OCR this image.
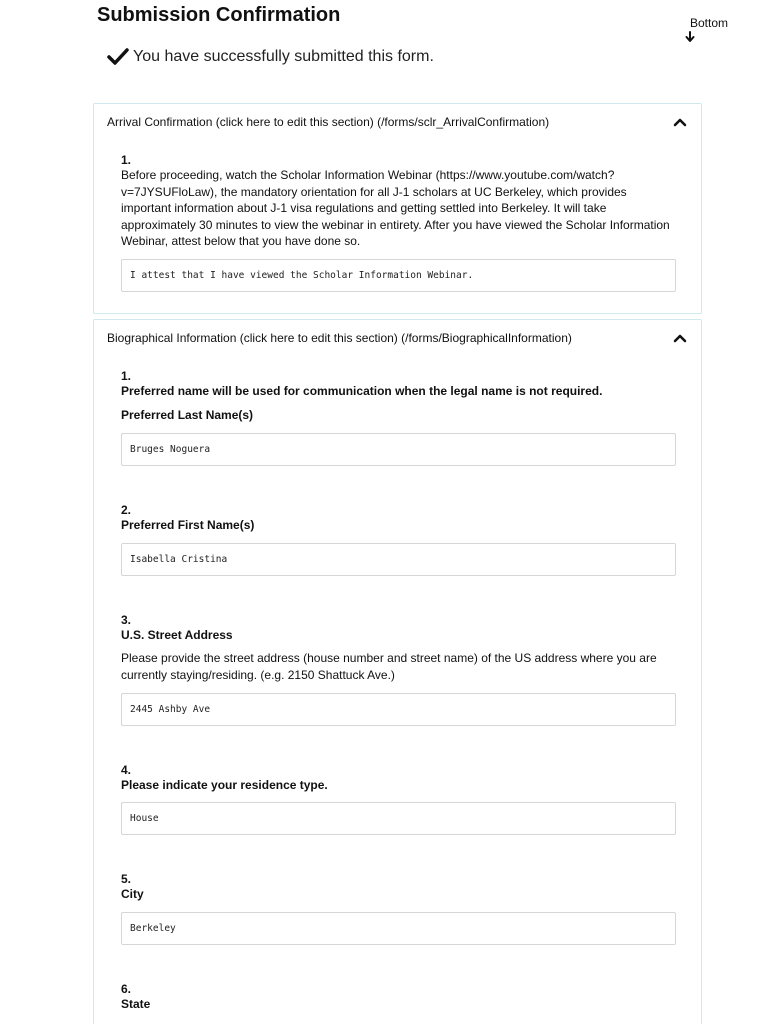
Submission Confirmation	Bottom
You have successfully submitted this form.
Arrival Confirmation (click here to edit this section) (/forms/sclr_ArrivalConfirmation)
1.
Before proceeding, watch the Scholar Information Webinar (https://www.youtube.com/watch?v=7JYSUFloLaw), the mandatory orientation for all J-1 scholars at UC Berkeley, which provides important information about J-1 visa regulations and getting settled into Berkeley. It will take approximately 30 minutes to view the webinar in entirety. After you have viewed the Scholar Information Webinar, attest below that you have done so.
I attest that I have viewed the Scholar Information Webinar.
Biographical Information (click here to edit this section) (/forms/BiographicalInformation)
1.
Preferred name will be used for communication when the legal name is not required.
Preferred Last Name(s)
Bruges Noguera
2.
Preferred First Name(s)
Isabella Cristina
3.
U.S. Street Address
Please provide the street address (house number and street name) of the US address where you are currently staying/residing. (e.g. 2150 Shattuck Ave.)
2445 Ashby Ave
4.
Please indicate your residence type.
House
5.
City
Berkeley
6.
State
